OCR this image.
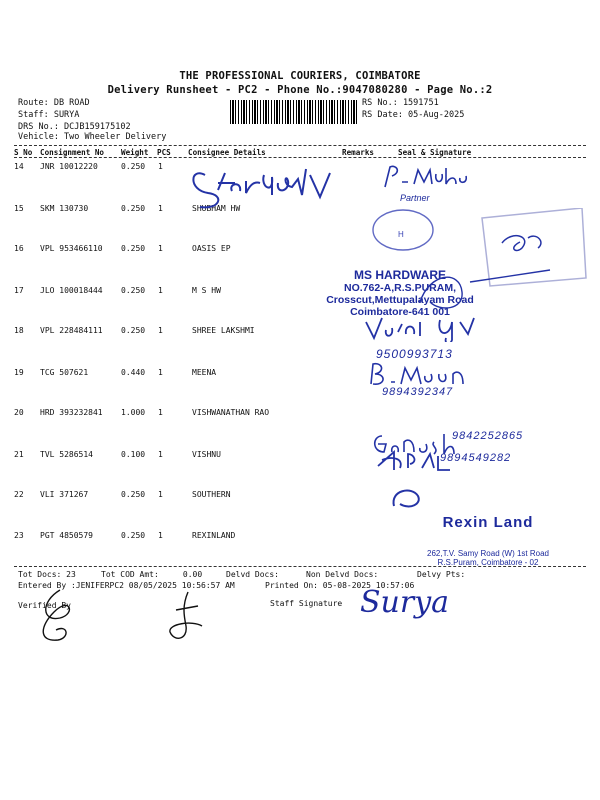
THE PROFESSIONAL COURIERS, COIMBATORE
Delivery Runsheet - PC2 - Phone No.:9047080280 - Page No.:2
Route: DB ROAD
Staff: SURYA
DRS No.: DCJB159175102
Vehicle: Two Wheeler Delivery
RS No.: 1591751
RS Date: 05-Aug-2025
S No Consignment No Weight PCS Consignee Details	Remarks	Seal & Signature
14 JNR 10012220	0.250 1
15 SKM 130730	0.250 1	SHUBHAM HW
16 VPL 953466110 0.250 1	OASIS EP
17 JLO 100018444 0.250 1	M S HW
18 VPL 228484111 0.250 1	SHREE LAKSHMI
19 TCG 507621	0.440 1	MEENA
20 HRD 393232841 1.000 1	VISHWANATHAN RAO
21 TVL 5286514	0.100 1	VISHNU
22 VLI 371267	0.250 1	SOUTHERN
23 PGT 4850579	0.250 1	REXINLAND
Tot Docs: 23	Tot COD Amt:     0.00	Delvd Docs:	Non Delvd Docs:	Delvy Pts:
Entered By :JENIFERPC2 08/05/2025 10:56:57 AM	Printed On: 05-08-2025 10:57:06
Verified By	Staff Signature
Partner
H
MS HARDWARE
NO.762-A,R.S.PURAM,
Crosscut,Mettupalayam Road
Coimbatore-641 001
9500993713
9894392347
9842252865
9894549282
Rexin Land
262,T.V. Samy Road (W) 1st Road
R.S.Puram, Coimbatore - 02
Surya
